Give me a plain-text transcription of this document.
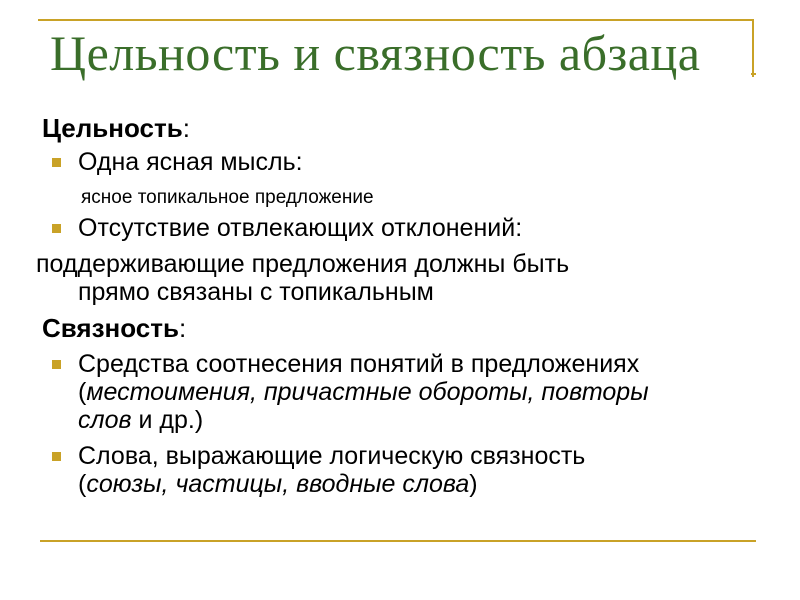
Цельность и связность абзаца
Цельность:
Одна ясная мысль:
ясное топикальное предложение
Отсутствие отвлекающих отклонений:
поддерживающие предложения должны быть
прямо связаны с топикальным
Связность:
Средства соотнесения понятий в предложениях
(местоимения, причастные обороты, повторы
слов и др.)
Слова, выражающие логическую связность
(союзы, частицы, вводные слова)
